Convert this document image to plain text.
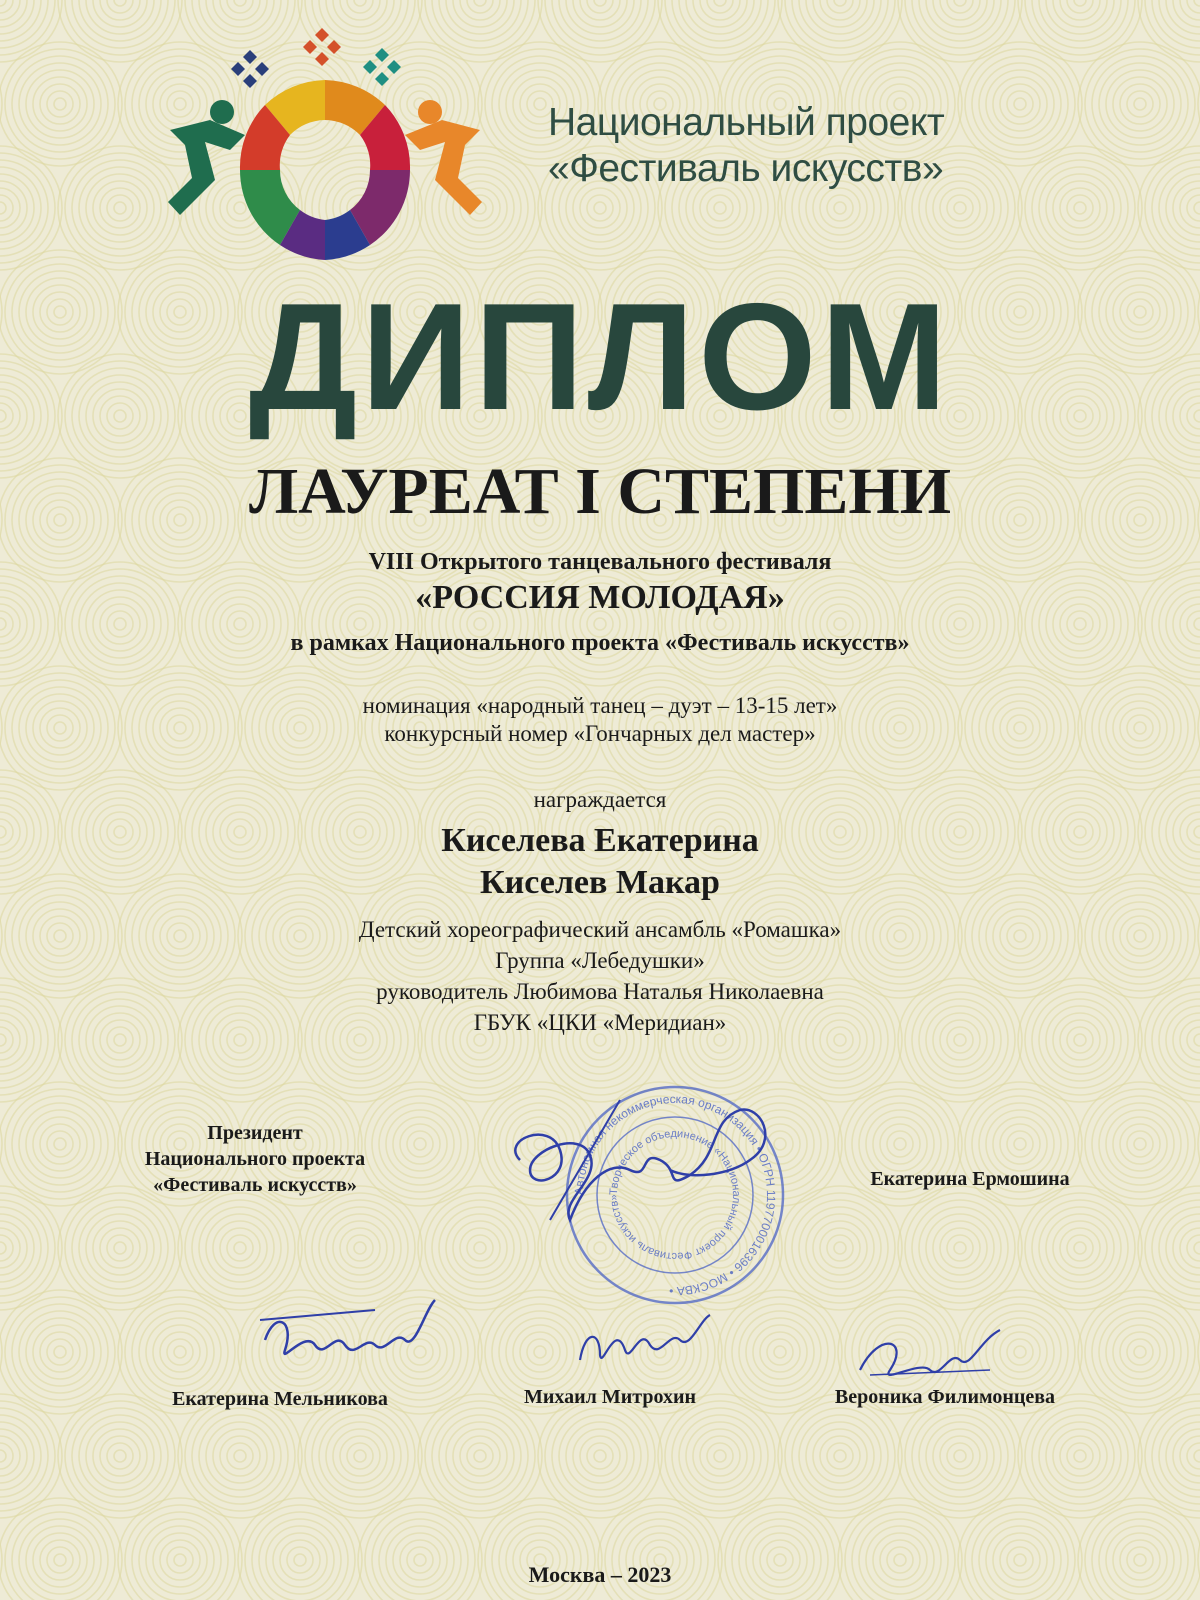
Национальный проект
«Фестиваль искусств»
ДИПЛОМ
ЛАУРЕАТ I СТЕПЕНИ
VIII Открытого танцевального фестиваля
«РОССИЯ МОЛОДАЯ»
в рамках Национального проекта «Фестиваль искусств»
номинация «народный танец – дуэт – 13-15 лет»
конкурсный номер «Гончарных дел мастер»
награждается
Киселева Екатерина
Киселев Макар
Детский хореографический ансамбль «Ромашка»
Группа «Лебедушки»
руководитель Любимова Наталья Николаевна
ГБУК «ЦКИ «Меридиан»
Президент
Национального проекта
«Фестиваль искусств»	Автономная некоммерческая организация • ОГРН 1197700016396 • МОСКВА •
Творческое объединение «Национальный проект Фестиваль искусств»
Екатерина Ермошина
Екатерина Мельникова	Михаил Митрохин	Вероника Филимонцева
Москва – 2023
